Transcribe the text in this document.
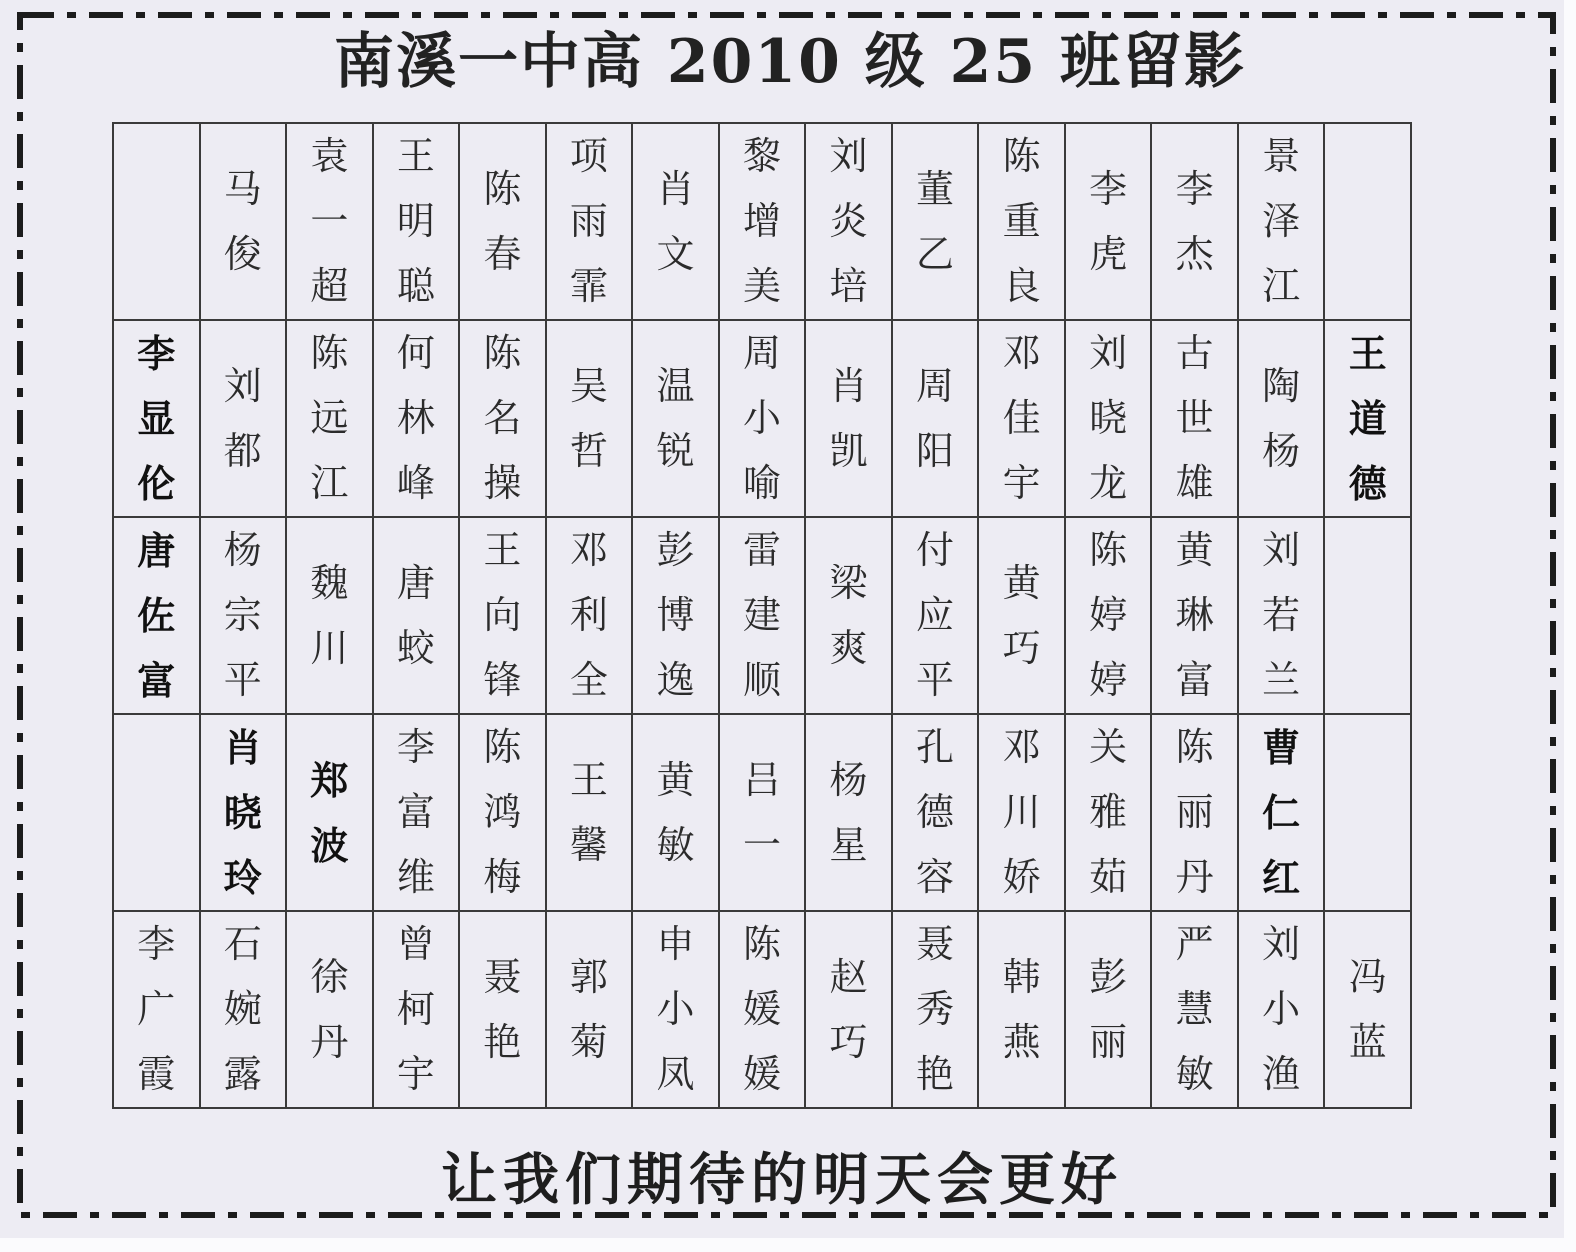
南溪一中高 2010 级 25 班留影

	马俊	袁一超	王明聪	陈春	项雨霏	肖文	黎增美	刘炎培	董乙	陈重良	李虎	李杰	景泽江	

李显伦	刘都	陈远江	何林峰	陈名操	吴哲	温锐	周小喻	肖凯	周阳	邓佳宇	刘晓龙	古世雄	陶杨	王道德

唐佐富	杨宗平	魏川	唐蛟	王向锋	邓利全	彭博逸	雷建顺	梁爽	付应平	黄巧	陈婷婷	黄琳富	刘若兰	

	肖晓玲	郑波	李富维	陈鸿梅	王馨	黄敏	吕一	杨星	孔德容	邓川娇	关雅茹	陈丽丹	曹仁红	

李广霞	石婉露	徐丹	曾柯宇	聂艳	郭菊	申小凤	陈媛媛	赵巧	聂秀艳	韩燕	彭丽	严慧敏	刘小渔	冯蓝
让我们期待的明天会更好
